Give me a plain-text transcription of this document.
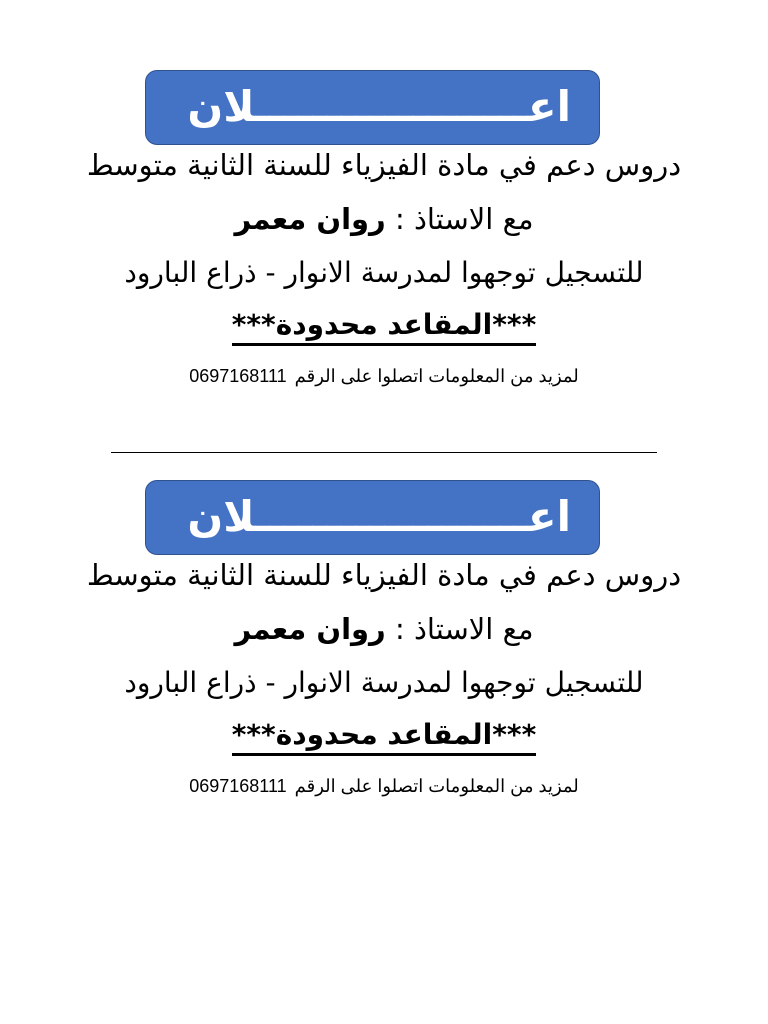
اعـــــــــــــــــــلان
دروس دعم في مادة الفيزياء للسنة الثانية متوسط
مع الاستاذ : روان معمر
للتسجيل توجهوا لمدرسة الانوار - ذراع البارود
***المقاعد محدودة***
لمزيد من المعلومات اتصلوا على الرقم0697168111
اعـــــــــــــــــــلان
دروس دعم في مادة الفيزياء للسنة الثانية متوسط
مع الاستاذ : روان معمر
للتسجيل توجهوا لمدرسة الانوار - ذراع البارود
***المقاعد محدودة***
لمزيد من المعلومات اتصلوا على الرقم0697168111
